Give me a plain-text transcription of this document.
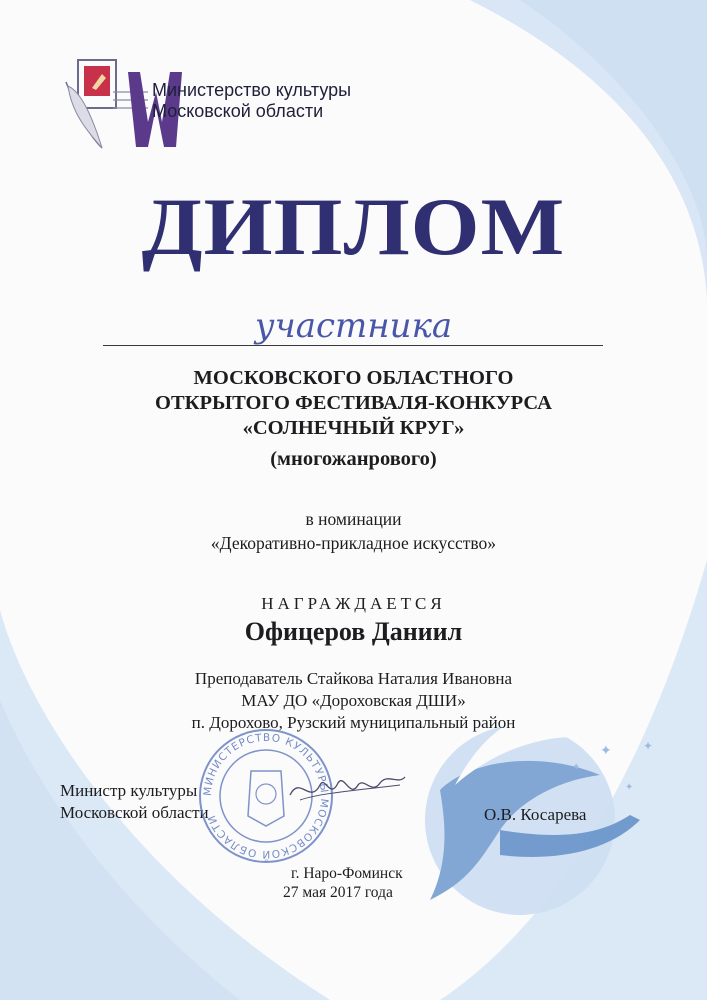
✦	✦
✦
✦
Министерство культуры
Московской области
ДИПЛОМ
участника
МОСКОВСКОГО ОБЛАСТНОГО
ОТКРЫТОГО ФЕСТИВАЛЯ-КОНКУРСА
«СОЛНЕЧНЫЙ КРУГ»
(многожанрового)
в номинации
«Декоративно-прикладное искусство»
НАГРАЖДАЕТСЯ
Офицеров Даниил
Преподаватель Стайкова Наталия Ивановна
МАУ ДО «Дороховская ДШИ»
п. Дорохово, Рузский муниципальный район
Министр культуры
Московской области
МИНИСТЕРСТВО КУЛЬТУРЫ МОСКОВСКОЙ ОБЛАСТИ	О.В. Косарева
г. Наро-Фоминск
27 мая 2017 года
